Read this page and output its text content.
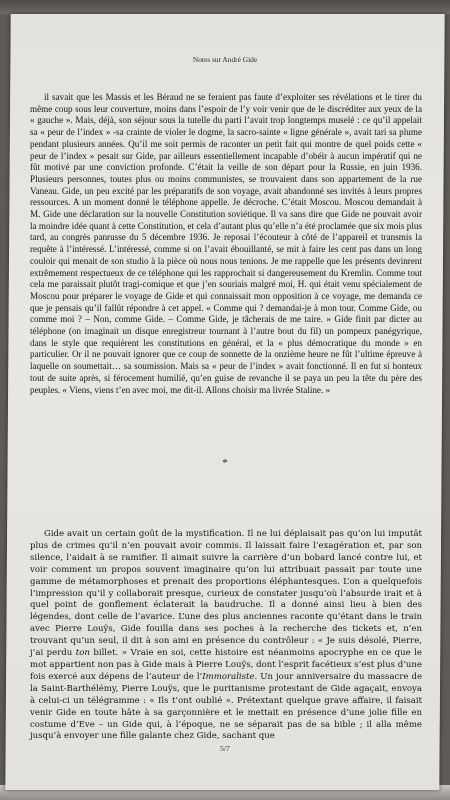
Notes sur André Gide

il savait que les Massis et les Béraud ne se feraient pas faute d’exploiter ses révélations et le tirer du même coup sous leur couverture, moins dans l’espoir de l’y voir venir que de le discréditer aux yeux de la « gauche ». Mais, déjà, son séjour sous la tutelle du parti l’avait trop longtemps muselé : ce qu’il appelait sa « peur de l’index » -sa crainte de violer le dogme, la sacro-sainte « ligne générale », avait tari sa plume pendant plusieurs années. Qu’il me soit permis de raconter un petit fait qui montre de quel poids cette « peur de l’index » pesait sur Gide, par ailleurs essentiellement incapable d’obéir à aucun impératif qui ne fût motivé par une conviction profonde. C’était la veille de son départ pour la Russie, en juin 1936. Plusieurs personnes, toutes plus ou moins communistes, se trouvaient dans son appartement de la rue Vaneau. Gide, un peu excité par les préparatifs de son voyage, avait abandonné ses invités à leurs propres ressources. A un moment donné le téléphone appelle. Je décroche. C’était Moscou. Moscou demandait à M. Gide une déclaration sur la nouvelle Constitution soviétique. Il va sans dire que Gide ne pouvait avoir la moindre idée quant à cette Constitution, et cela d’autant plus qu’elle n’a été proclamée que six mois plus tard, au congrès panrusse du 5 décembre 1936. Je reposai l’écouteur à côté de l’appareil et transmis la requête à l’intéressé. L’intéressé, comme si on l’avait ébouillanté, se mit à faire les cent pas dans un long couloir qui menait de son studio à la pièce où nous nous tenions. Je me rappelle que les présents devinrent extrêmement respectueux de ce téléphone qui les rapprochait si dangereusement du Kremlin. Comme tout cela me paraissait plutôt tragi-comique et que j’en souriais malgré moi, H. qui était venu spécialement de Moscou pour préparer le voyage de Gide et qui connaissait mon opposition à ce voyage, me demanda ce que je pensais qu’il fallût répondre à cet appel. « Comme qui ? demandai-je à mon tour. Comme Gide, ou comme moi ? – Non, comme Gide. – Comme Gide, je tâcherais de me taire. » Gide finit par dicter au téléphone (on imaginait un disque enregistreur tournant à l’autre bout du fil) un pompeux panégyrique, dans le style que requièrent les constitutions en général, et la « plus démocratique du monde » en particulier. Or il ne pouvait ignorer que ce coup de sonnette de la onzième heure ne fût l’ultime épreuve à laquelle on soumettait… sa soumission. Mais sa « peur de l’index » avait fonctionné. Il en fut si honteux tout de suite après, si férocement humilié, qu’en guise de revanche il se paya un peu la tête du père des peuples. « Viens, viens t’en avec moi, me dit-il. Allons choisir ma livrée Staline. »

*

Gide avait un certain goût de la mystification. Il ne lui déplaisait pas qu’on lui imputât plus de crimes qu’il n’en pouvait avoir commis. Il laissait faire l’exagération et, par son silence, l’aidait à se ramifier. Il aimait suivre la carrière d’un bobard lancé contre lui, et voir comment un propos souvent imaginaire qu’on lui attribuait passait par toute une gamme de métamorphoses et prenait des proportions éléphantesques. L’on a quelquefois l’impression qu’il y collaborait presque, curieux de constater jusqu’où l’absurde irait et à quel point de gonflement éclaterait la baudruche. Il a donné ainsi lieu à bien des légendes, dont celle de l’avarice. L’une des plus anciennes raconte qu’étant dans le train avec Pierre Louÿs, Gide fouilla dans ses poches à la recherche des tickets et, n’en trouvant qu’un seul, il dit à son ami en présence du contrôleur : « Je suis désolé, Pierre, j’ai perdu ton billet. » Vraie en soi, cette histoire est néanmoins apocryphe en ce que le mot appartient non pas à Gide mais à Pierre Louÿs, dont l’esprit facétieux s’est plus d’une fois exercé aux dépens de l’auteur de l’Immoraliste. Un jour anniversaire du massacre de la Saint-Barthélémy, Pierre Louÿs, que le puritanisme protestant de Gide agaçait, envoya à celui-ci un télégramme : « Ils t’ont oublié ». Prétextant quelque grave affaire, il faisait venir Gide en toute hâte à sa garçonnière et le mettait en présence d’une jolie fille en costume d’Eve – un Gide qui, à l’époque, ne se séparait pas de sa bible ; il alla même jusqu’à envoyer une fille galante chez Gide, sachant que

5/7
